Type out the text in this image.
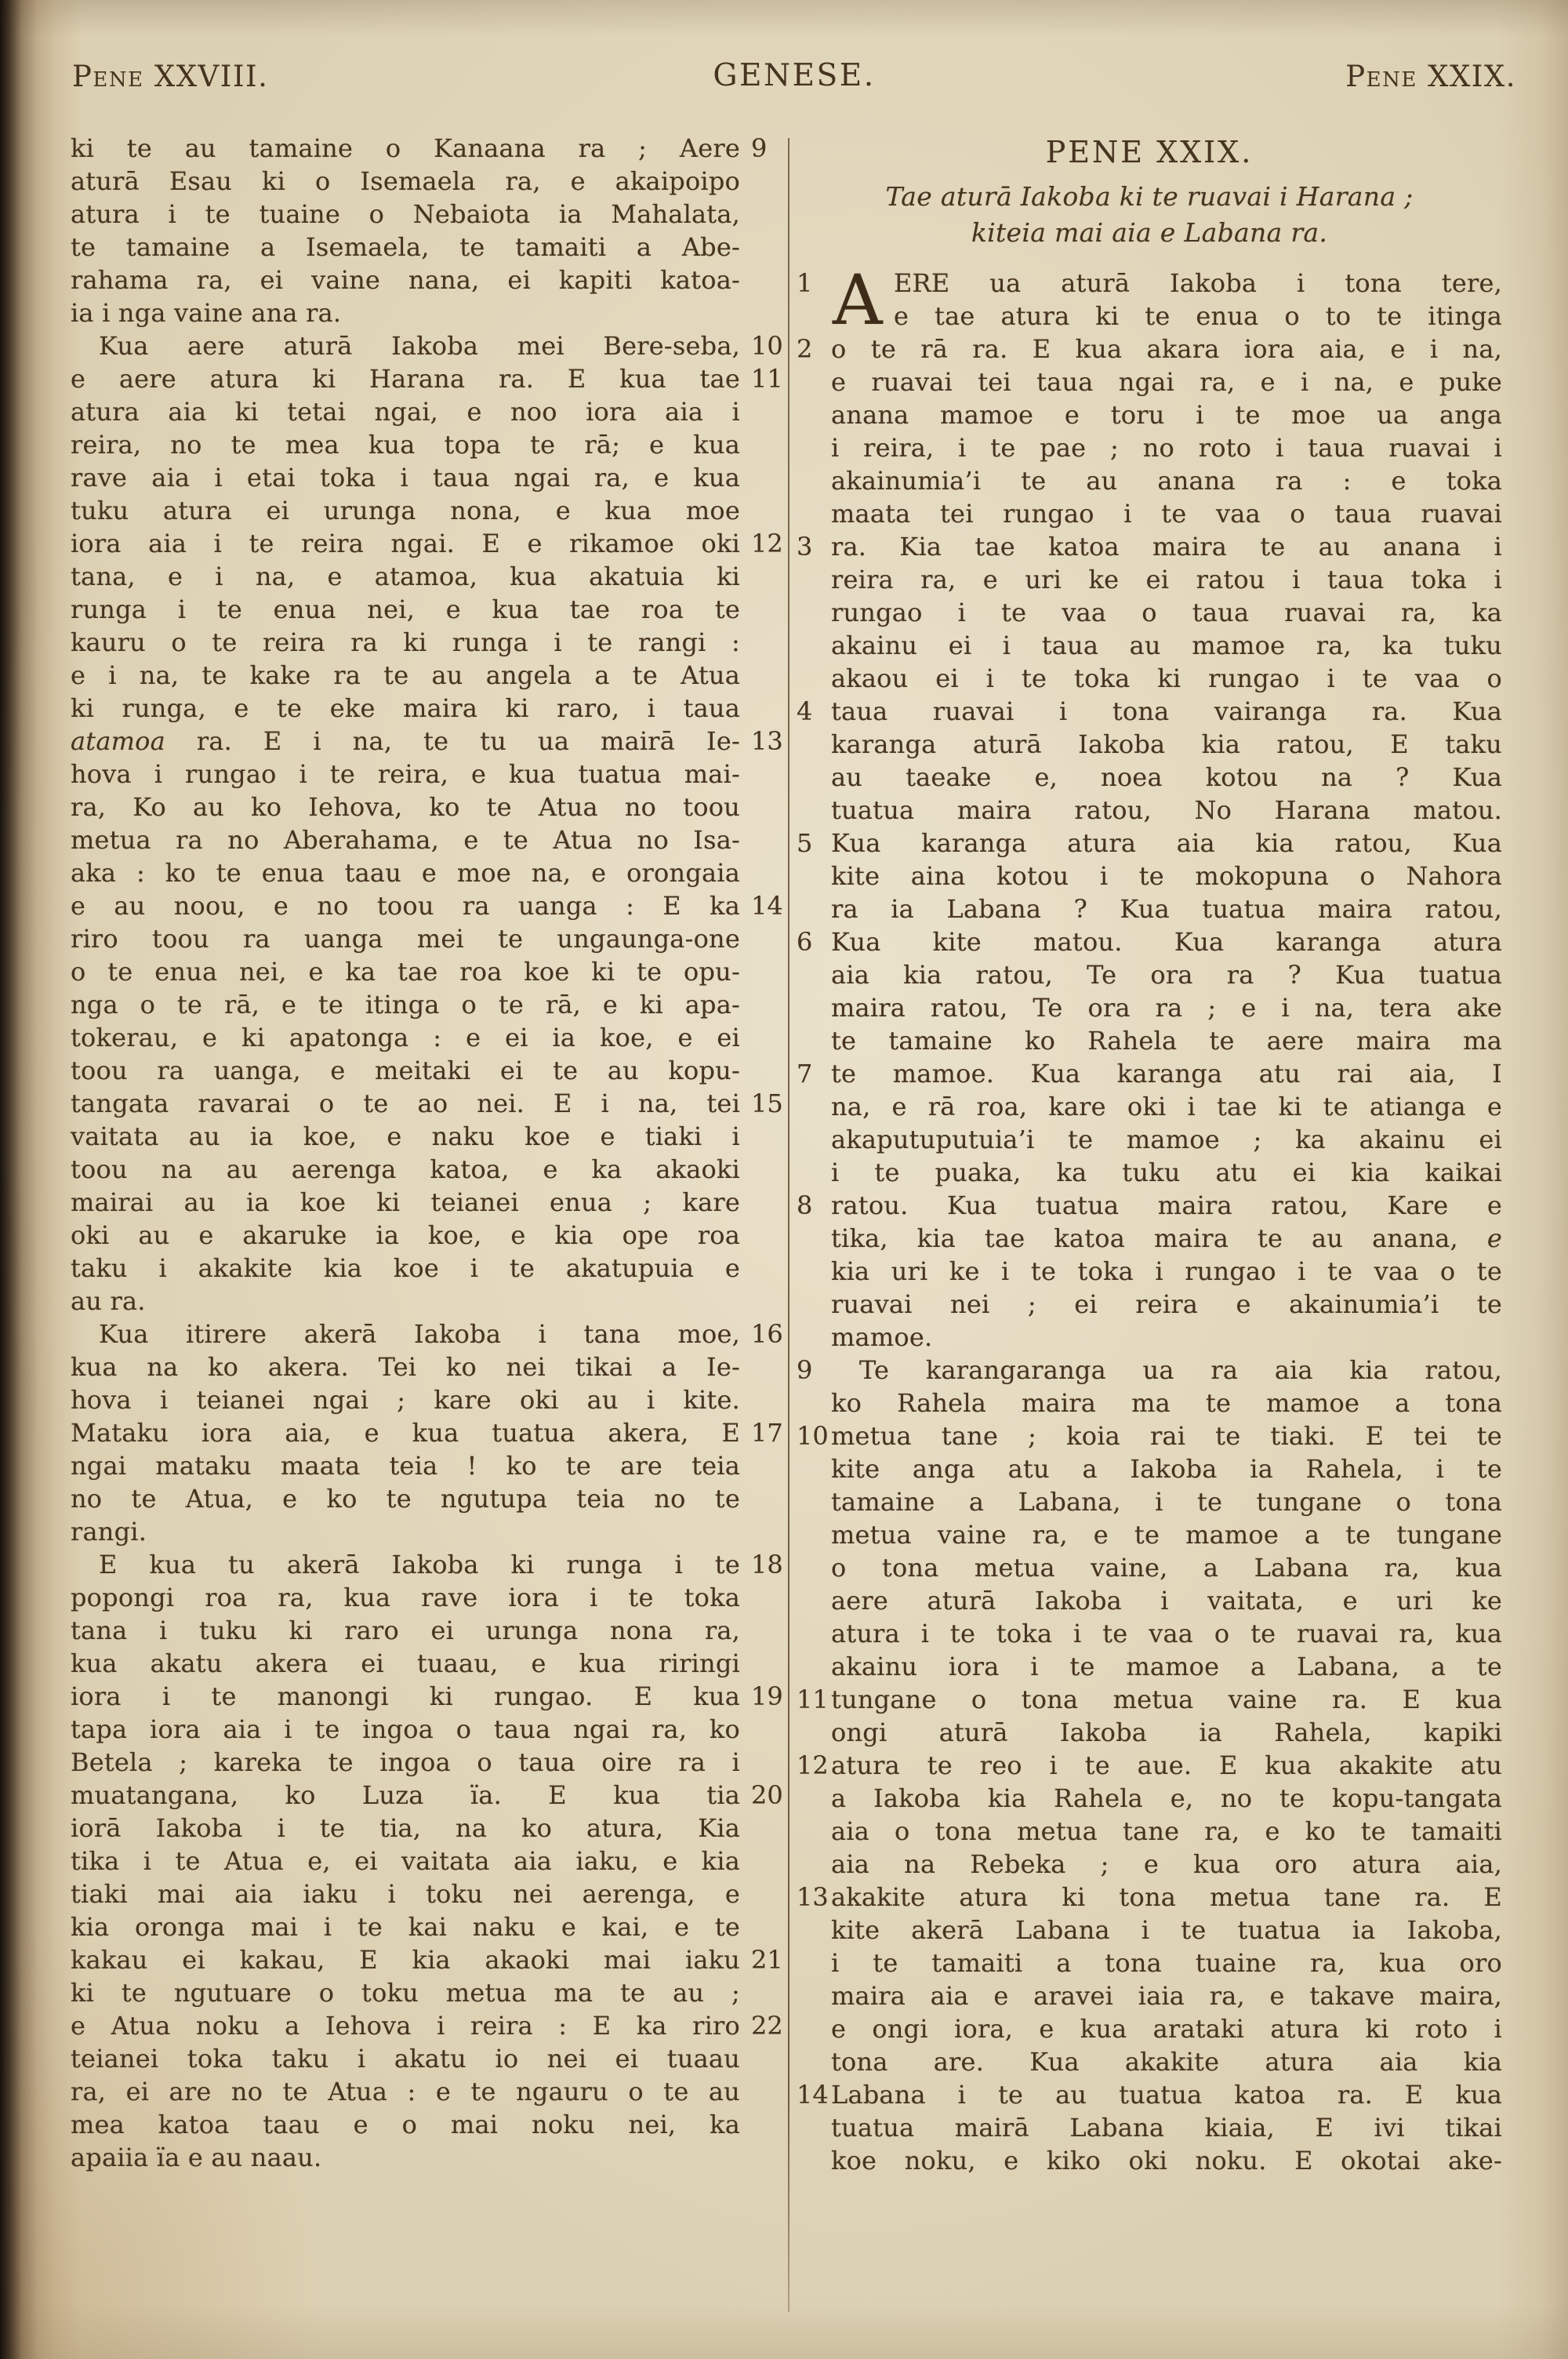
Pene XXVIII.	GENESE.	Pene XXIX.
ki te au tamaine o Kanaana ra ; Aere 9
aturā Esau ki o Isemaela ra, e akaipoipo
atura i te tuaine o Nebaiota ia Mahalata,
te tamaine a Isemaela, te tamaiti a Abe-
rahama ra, ei vaine nana, ei kapiti katoa-
ia i nga vaine ana ra.
Kua aere aturā Iakoba mei Bere-seba, 10
e aere atura ki Harana ra. E kua tae 11
atura aia ki tetai ngai, e noo iora aia i
reira, no te mea kua topa te rā; e kua
rave aia i etai toka i taua ngai ra, e kua
tuku atura ei urunga nona, e kua moe
iora aia i te reira ngai. E e rikamoe oki 12
tana, e i na, e atamoa, kua akatuia ki
runga i te enua nei, e kua tae roa te
kauru o te reira ra ki runga i te rangi :
e i na, te kake ra te au angela a te Atua
ki runga, e te eke maira ki raro, i taua
atamoa ra. E i na, te tu ua mairā Ie- 13
hova i rungao i te reira, e kua tuatua mai-
ra, Ko au ko Iehova, ko te Atua no toou
metua ra no Aberahama, e te Atua no Isa-
aka : ko te enua taau e moe na, e orongaia
e au noou, e no toou ra uanga : E ka 14
riro toou ra uanga mei te ungaunga-one
o te enua nei, e ka tae roa koe ki te opu-
nga o te rā, e te itinga o te rā, e ki apa-
tokerau, e ki apatonga : e ei ia koe, e ei
toou ra uanga, e meitaki ei te au kopu-
tangata ravarai o te ao nei. E i na, tei 15
vaitata au ia koe, e naku koe e tiaki i
toou na au aerenga katoa, e ka akaoki
mairai au ia koe ki teianei enua ; kare
oki au e akaruke ia koe, e kia ope roa
taku i akakite kia koe i te akatupuia e
au ra.
Kua itirere akerā Iakoba i tana moe, 16
kua na ko akera. Tei ko nei tikai a Ie-
hova i teianei ngai ; kare oki au i kite.
Mataku iora aia, e kua tuatua akera, E 17
ngai mataku maata teia ! ko te are teia
no te Atua, e ko te ngutupa teia no te
rangi.
E kua tu akerā Iakoba ki runga i te 18
popongi roa ra, kua rave iora i te toka
tana i tuku ki raro ei urunga nona ra,
kua akatu akera ei tuaau, e kua riringi
iora i te manongi ki rungao. E kua 19
tapa iora aia i te ingoa o taua ngai ra, ko
Betela ; kareka te ingoa o taua oire ra i
muatangana, ko Luza ïa. E kua tia 20
iorā Iakoba i te tia, na ko atura, Kia
tika i te Atua e, ei vaitata aia iaku, e kia
tiaki mai aia iaku i toku nei aerenga, e
kia oronga mai i te kai naku e kai, e te
kakau ei kakau, E kia akaoki mai iaku 21
ki te ngutuare o toku metua ma te au ;
e Atua noku a Iehova i reira : E ka riro 22
teianei toka taku i akatu io nei ei tuaau
ra, ei are no te Atua : e te ngauru o te au
mea katoa taau e o mai noku nei, ka
apaiia ïa e au naau.
PENE XXIX.
Tae aturā Iakoba ki te ruavai i Harana ;
kiteia mai aia e Labana ra.
1 A ERE ua aturā Iakoba i tona tere,
e tae atura ki te enua o to te itinga
2 o te rā ra. E kua akara iora aia, e i na,
e ruavai tei taua ngai ra, e i na, e puke
anana mamoe e toru i te moe ua anga
i reira, i te pae ; no roto i taua ruavai i
akainumia’i te au anana ra : e toka
maata tei rungao i te vaa o taua ruavai
3 ra. Kia tae katoa maira te au anana i
reira ra, e uri ke ei ratou i taua toka i
rungao i te vaa o taua ruavai ra, ka
akainu ei i taua au mamoe ra, ka tuku
akaou ei i te toka ki rungao i te vaa o
4 taua ruavai i tona vairanga ra. Kua
karanga aturā Iakoba kia ratou, E taku
au taeake e, noea kotou na ? Kua
tuatua maira ratou, No Harana matou.
5 Kua karanga atura aia kia ratou, Kua
kite aina kotou i te mokopuna o Nahora
ra ia Labana ? Kua tuatua maira ratou,
6 Kua kite matou. Kua karanga atura
aia kia ratou, Te ora ra ? Kua tuatua
maira ratou, Te ora ra ; e i na, tera ake
te tamaine ko Rahela te aere maira ma
7 te mamoe. Kua karanga atu rai aia, I
na, e rā roa, kare oki i tae ki te atianga e
akaputuputuia’i te mamoe ; ka akainu ei
i te puaka, ka tuku atu ei kia kaikai
8 ratou. Kua tuatua maira ratou, Kare e
tika, kia tae katoa maira te au anana, e
kia uri ke i te toka i rungao i te vaa o te
ruavai nei ; ei reira e akainumia’i te
mamoe.
9	Te karangaranga ua ra aia kia ratou,
ko Rahela maira ma te mamoe a tona
10 metua tane ; koia rai te tiaki. E tei te
kite anga atu a Iakoba ia Rahela, i te
tamaine a Labana, i te tungane o tona
metua vaine ra, e te mamoe a te tungane
o tona metua vaine, a Labana ra, kua
aere aturā Iakoba i vaitata, e uri ke
atura i te toka i te vaa o te ruavai ra, kua
akainu iora i te mamoe a Labana, a te
11 tungane o tona metua vaine ra. E kua
ongi aturā Iakoba ia Rahela, kapiki
12 atura te reo i te aue. E kua akakite atu
a Iakoba kia Rahela e, no te kopu-tangata
aia o tona metua tane ra, e ko te tamaiti
aia na Rebeka ; e kua oro atura aia,
13 akakite atura ki tona metua tane ra. E
kite akerā Labana i te tuatua ia Iakoba,
i te tamaiti a tona tuaine ra, kua oro
maira aia e aravei iaia ra, e takave maira,
e ongi iora, e kua arataki atura ki roto i
tona are. Kua akakite atura aia kia
14 Labana i te au tuatua katoa ra. E kua
tuatua mairā Labana kiaia, E ivi tikai
koe noku, e kiko oki noku. E okotai ake-
